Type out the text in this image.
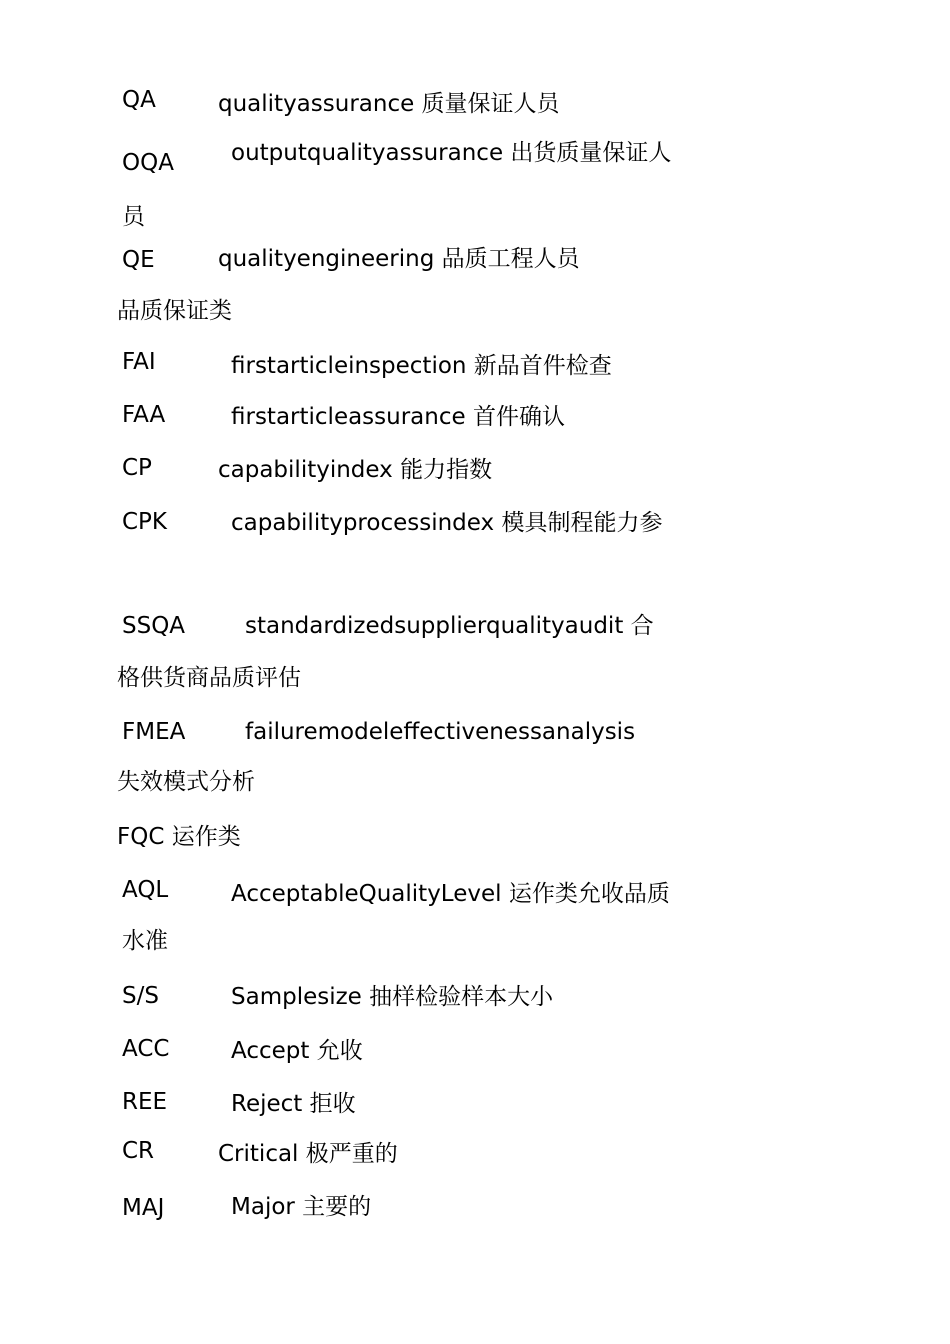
QA	qualityassurance 质量保证人员
OQA outputqualityassurance 出货质量保证人
员
QE	qualityengineering 品质工程人员
品质保证类
FAI	firstarticleinspection 新品首件检查
FAA	firstarticleassurance 首件确认
CP	capabilityindex 能力指数
CPK	capabilityprocessindex 模具制程能力参
SSQA	standardizedsupplierqualityaudit 合
格供货商品质评估
FMEA	failuremodeleffectivenessanalysis
失效模式分析
FQC 运作类
AQL	AcceptableQualityLevel 运作类允收品质
水准
S/S	Samplesize 抽样检验样本大小
ACC	Accept 允收
REE	Reject 拒收
CR	Critical 极严重的
MAJ	Major 主要的
